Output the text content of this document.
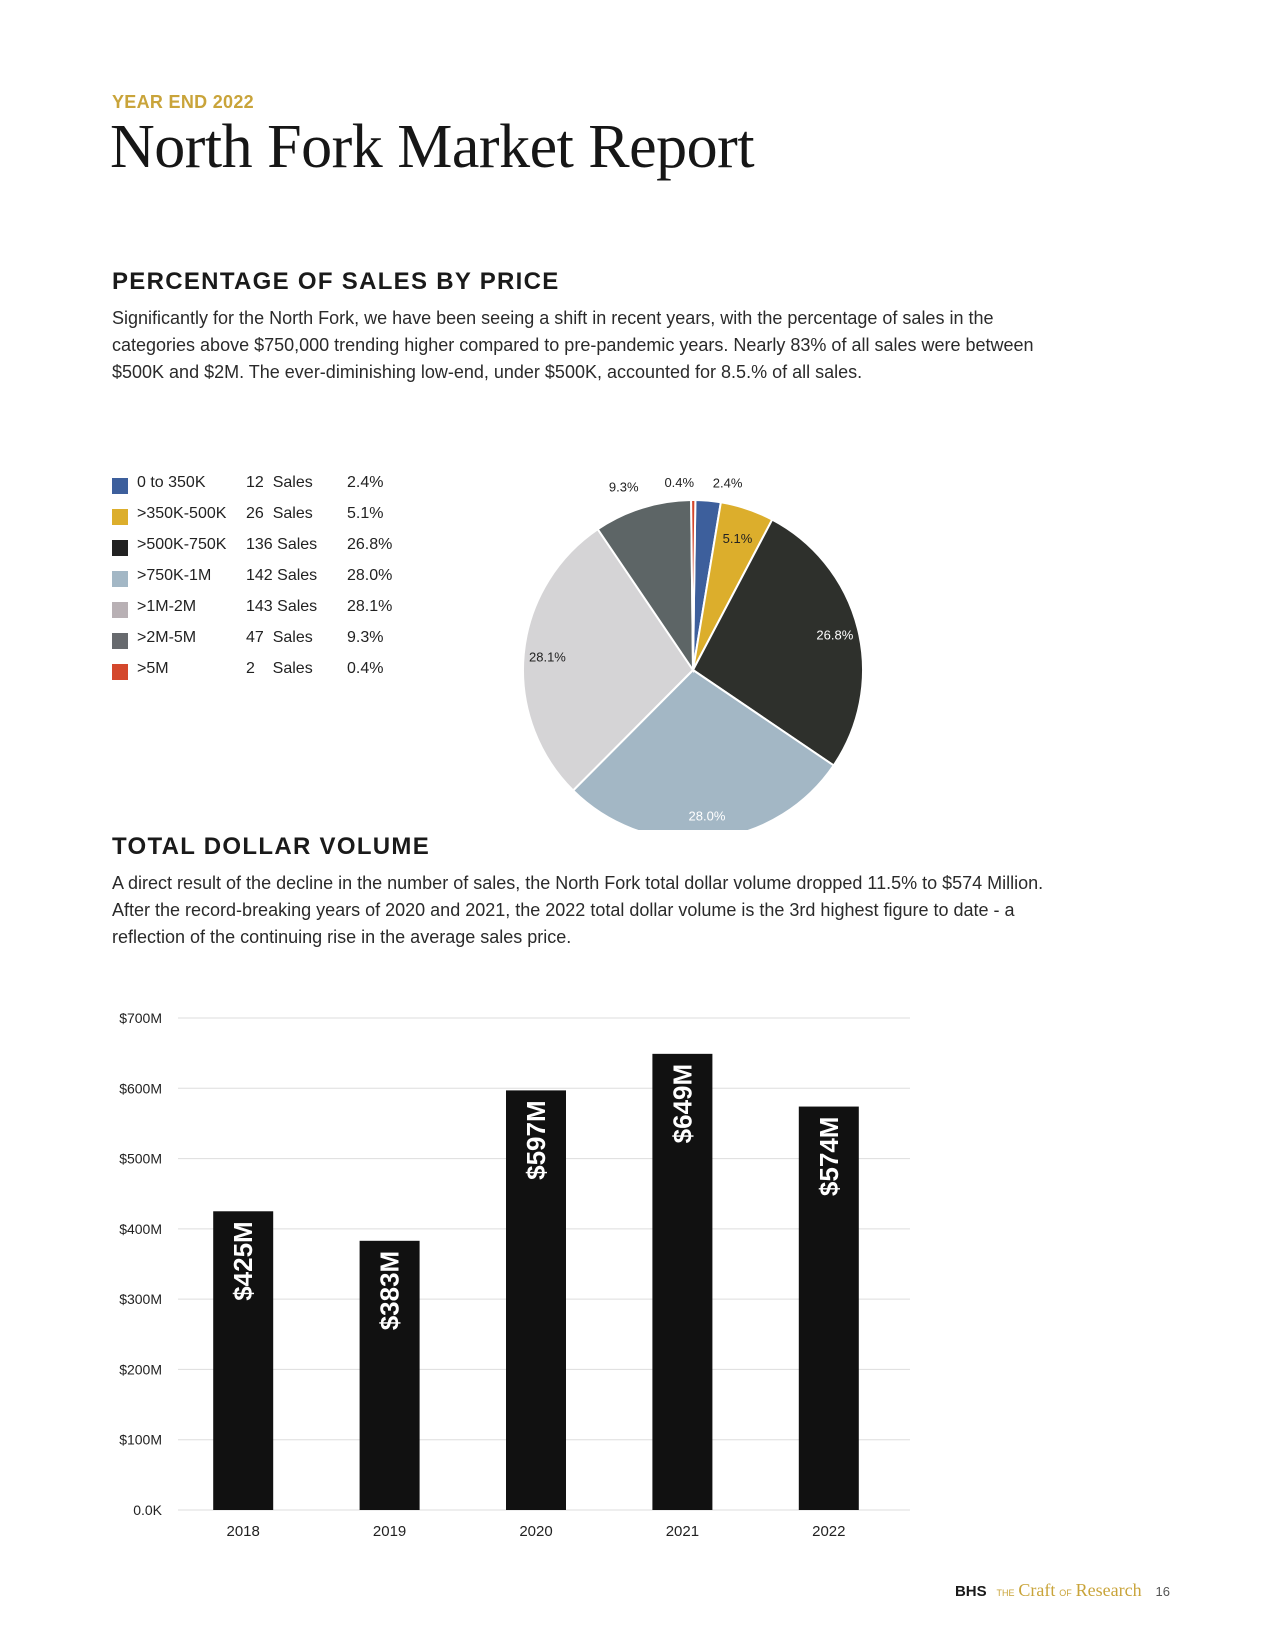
YEAR END 2022
North Fork Market Report
PERCENTAGE OF SALES BY PRICE
Significantly for the North Fork, we have been seeing a shift in recent years, with the percentage of sales in the categories above $750,000 trending higher compared to pre-pandemic years. Nearly 83% of all sales were between $500K and $2M. The ever-diminishing low-end, under $500K, accounted for 8.5.% of all sales.
0 to 350K	12  Sales 2.4%
>350K-500K 26  Sales 5.1%
>500K-750K 136 Sales 26.8%
>750K-1M 142 Sales 28.0%
>1M-2M	143 Sales 28.1%
>2M-5M	47  Sales 9.3%
>5M	2    Sales 0.4%
2.4%
5.1%
26.8%
28.0%
28.1%
9.3% 0.4%
TOTAL DOLLAR VOLUME
A direct result of the decline in the number of sales, the North Fork total dollar volume dropped 11.5% to $574 Million. After the record-breaking years of 2020 and 2021, the 2022 total dollar volume is the 3rd highest figure to date - a reflection of the continuing rise in the average sales price.
0.0K
$100M
$200M
$300M
$400M
$500M
$600M
$700M
$425M
2018
$383M
2019
$597M
2020
$649M
2021
$574M
2022
BHS THE Craft OF Research 16
